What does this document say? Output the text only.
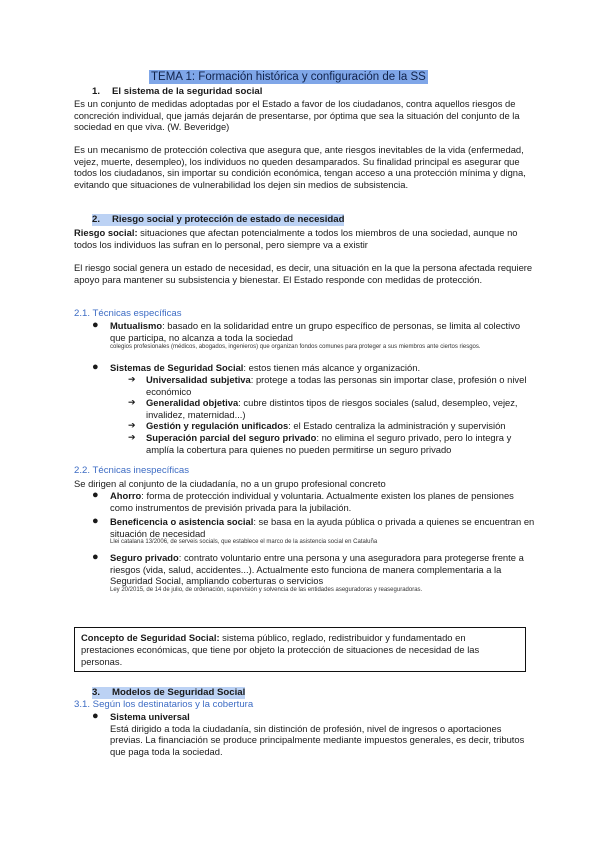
TEMA 1: Formación histórica y configuración de la SS
1. El sistema de la seguridad social

Es un conjunto de medidas adoptadas por el Estado a favor de los ciudadanos, contra aquellos riesgos de concreción individual, que jamás dejarán de presentarse, por óptima que sea la situación del conjunto de la sociedad en que viva. (W. Beveridge)

Es un mecanismo de protección colectiva que asegura que, ante riesgos inevitables de la vida (enfermedad, vejez, muerte, desempleo), los individuos no queden desamparados. Su finalidad principal es asegurar que todos los ciudadanos, sin importar su condición económica, tengan acceso a una protección mínima y digna, evitando que situaciones de vulnerabilidad los dejen sin medios de subsistencia.

2. Riesgo social y protección de estado de necesidad

Riesgo social: situaciones que afectan potencialmente a todos los miembros de una sociedad, aunque no todos los individuos las sufran en lo personal, pero siempre va a existir

El riesgo social genera un estado de necesidad, es decir, una situación en la que la persona afectada requiere apoyo para mantener su subsistencia y bienestar. El Estado responde con medidas de protección.

2.1. Técnicas específicas
● Mutualismo: basado en la solidaridad entre un grupo específico de personas, se limita al colectivo que participa, no alcanza a toda la sociedad
colegios profesionales (médicos, abogados, ingenieros) que organizan fondos comunes para proteger a sus miembros ante ciertos riesgos.
● Sistemas de Seguridad Social: estos tienen más alcance y organización.
➔ Universalidad subjetiva: protege a todas las personas sin importar clase, profesión o nivel económico
➔ Generalidad objetiva: cubre distintos tipos de riesgos sociales (salud, desempleo, vejez, invalidez, maternidad...)
➔ Gestión y regulación unificados: el Estado centraliza la administración y supervisión
➔ Superación parcial del seguro privado: no elimina el seguro privado, pero lo integra y amplía la cobertura para quienes no pueden permitirse un seguro privado
2.2. Técnicas inespecíficas

Se dirigen al conjunto de la ciudadanía, no a un grupo profesional concreto

● Ahorro: forma de protección individual y voluntaria. Actualmente existen los planes de pensiones como instrumentos de previsión privada para la jubilación.
● Beneficencia o asistencia social: se basa en la ayuda pública o privada a quienes se encuentran en situación de necesidad
Llei catalana 13/2006, de serveis socials, que establece el marco de la asistencia social en Cataluña
● Seguro privado: contrato voluntario entre una persona y una aseguradora para protegerse frente a riesgos (vida, salud, accidentes...). Actualmente esto funciona de manera complementaria a la Seguridad Social, ampliando coberturas o servicios
Ley 20/2015, de 14 de julio, de ordenación, supervisión y solvencia de las entidades aseguradoras y reaseguradoras.
Concepto de Seguridad Social: sistema público, reglado, redistribuidor y fundamentado en prestaciones económicas, que tiene por objeto la protección de situaciones de necesidad de las personas.
3. Modelos de Seguridad Social
3.1. Según los destinatarios y la cobertura
● Sistema universal
Está dirigido a toda la ciudadanía, sin distinción de profesión, nivel de ingresos o aportaciones previas. La financiación se produce principalmente mediante impuestos generales, es decir, tributos que paga toda la sociedad.
